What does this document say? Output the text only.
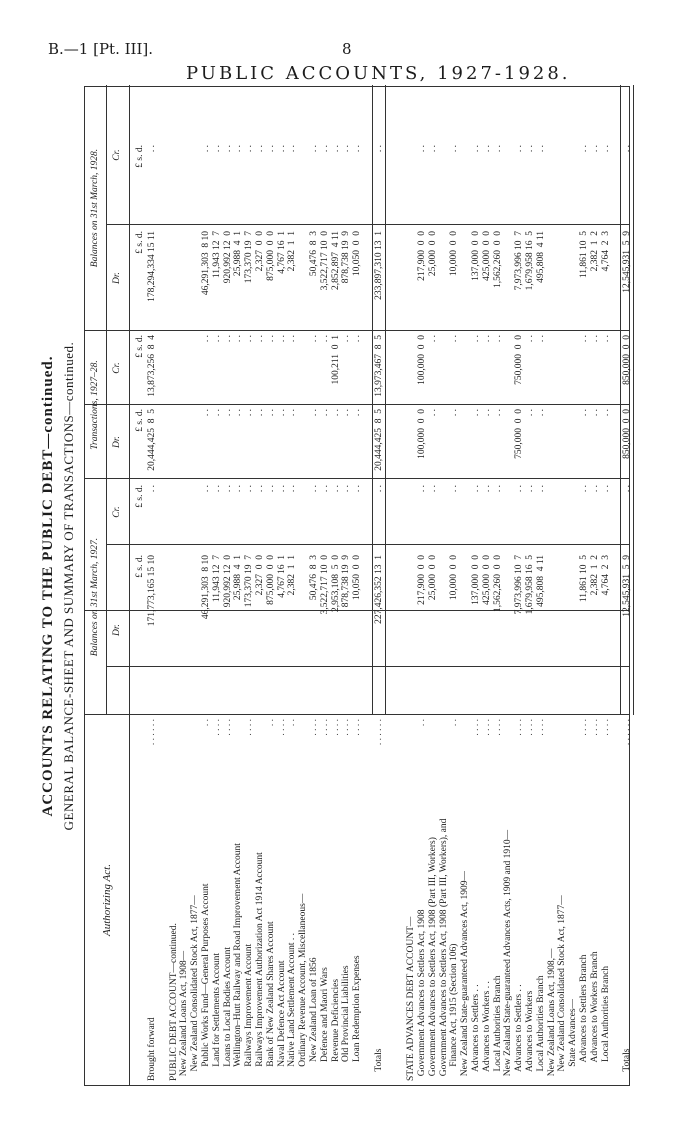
B.—1 [Pt. III].	8
PUBLIC ACCOUNTS, 1927-1928.
ACCOUNTS RELATING TO THE PUBLIC DEBT—continued. GENERAL BALANCE-SHEET AND SUMMARY OF TRANSACTIONS—continued.
Authorizing Act.
Balances on 31st March, 1927.
Transactions, 1927–28.
Balances on 31st March, 1928.
Dr.
Cr.
Dr.
Cr.
Dr.
Cr.
£ s. d.
£ s. d.
£ s. d.
£ s. d.
£ s. d.
£ s. d.
Brought forward
. . . . . .
171,773,165 15 10
. .
20,444,425  8  5
13,873,256  8  4
178,294,334 15 11
. .
PUBLIC DEBT ACCOUNT—continued. New Zealand Loans Act, 1908— New Zealand Consolidated Stock Act, 1877— Public Works Fund—General Purposes Account
. .
46,291,303  8 10
. .
. .
. .
46,291,303  8 10
. .
Land for Settlements Account
. . . .
11,943 12  7
. .
. .
. .
11,943 12  7
. .
Loans to Local Bodies Account
. . . .
920,992 12  0
. .
. .
. .
920,992 12  0
. .
Wellington–Hutt Railway and Road Improvement Account
25,988  4  1
. .
. .
. .
25,988  4  1
. .
Railways Improvement Account
. . . .
173,370 19  7
. .
. .
. .
173,370 19  7
. .
Railways Improvement Authorization Act 1914 Account
2,327  0  0
. .
. .
. .
2,327  0  0
. .
Bank of New Zealand Shares Account
. .
875,000  0  0
. .
. .
. .
875,000  0  0
. .
Naval Defence Act Account
. . . .
4,767 16  1
. .
. .
. .
4,767 16  1
. .
Native Land Settlement Account . .
. .
2,382  1  1
. .
. .
. .
2,382  1  1
. .
Ordinary Revenue Account, Miscellaneous— New Zealand Loan of 1856
. . . .
50,476  8  3
. .
. .
. .
50,476  8  3
. .
Defence and Maori Wars
. . . .
3,522,717 10  0
. .
. .
. .
3,522,717 10  0
. .
Revenue Deficiencies
. . . .
2,953,108  5  0
. .
. .
100,211  0  1
2,852,897  4 11
. .
Old Provincial Liabilities
. . . .
878,738 19  9
. .
. .
. .
878,738 19  9
. .
Loan Redemption Expenses
. . . .
10,050  0  0
. .
. .
. .
10,050  0  0
. .
Totals
. . . . . .
227,426,352 13  1
. .
20,444,425  8  5
13,973,467  8  5
233,897,310 13  1
. .
STATE ADVANCES DEBT ACCOUNT— Government Advances to Settlers Act, 1908
. .
217,900  0  0
. .
100,000  0  0
100,000  0  0
217,900  0  0
. .
Government Advances to Settlers Act, 1908 (Part III, Workers)
25,000  0  0
. .
. .
. .
25,000  0  0
. .
Government Advances to Settlers Act, 1908 (Part III, Workers), and Finance Act, 1915 (Section 106)
. .
10,000  0  0
. .
. .
. .
10,000  0  0
. .
New Zealand State-guaranteed Advances Act, 1909— Advances to Settlers . .
. . . .
137,000  0  0
. .
. .
. .
137,000  0  0
. .
Advances to Workers . .
. . . .
425,000  0  0
. .
. .
. .
425,000  0  0
. .
Local Authorities Branch
. . . .
1,562,260  0  0
. .
. .
. .
1,562,260  0  0
. .
New Zealand State-guaranteed Advances Acts, 1909 and 1910— Advances to Settlers . .
. . . .
7,973,996 10  7
. .
750,000  0  0
750,000  0  0
7,973,996 10  7
. .
Advances to Workers
. . . .
1,679,958 16  5
. .
. .
. .
1,679,958 16  5
. .
Local Authorities Branch
. . . .
495,808  4 11
. .
. .
. .
495,808  4 11
. .
New Zealand Loans Act, 1908,— New Zealand Consolidated Stock Act, 1877— State Advances— Advances to Settlers Branch
. . . .
11,861 10  5
. .
. .
. .
11,861 10  5
. .
Advances to Workers Branch
. . . .
2,382  1  2
. .
. .
. .
2,382  1  2
. .
Local Authorities Branch
. . . .
4,764  2  3
. .
. .
. .
4,764  2  3
. .
Totals
. . . . . .
12,545,931  5  9
. .
850,000  0  0
850,000  0  0
12,545,931  5  9
. .
